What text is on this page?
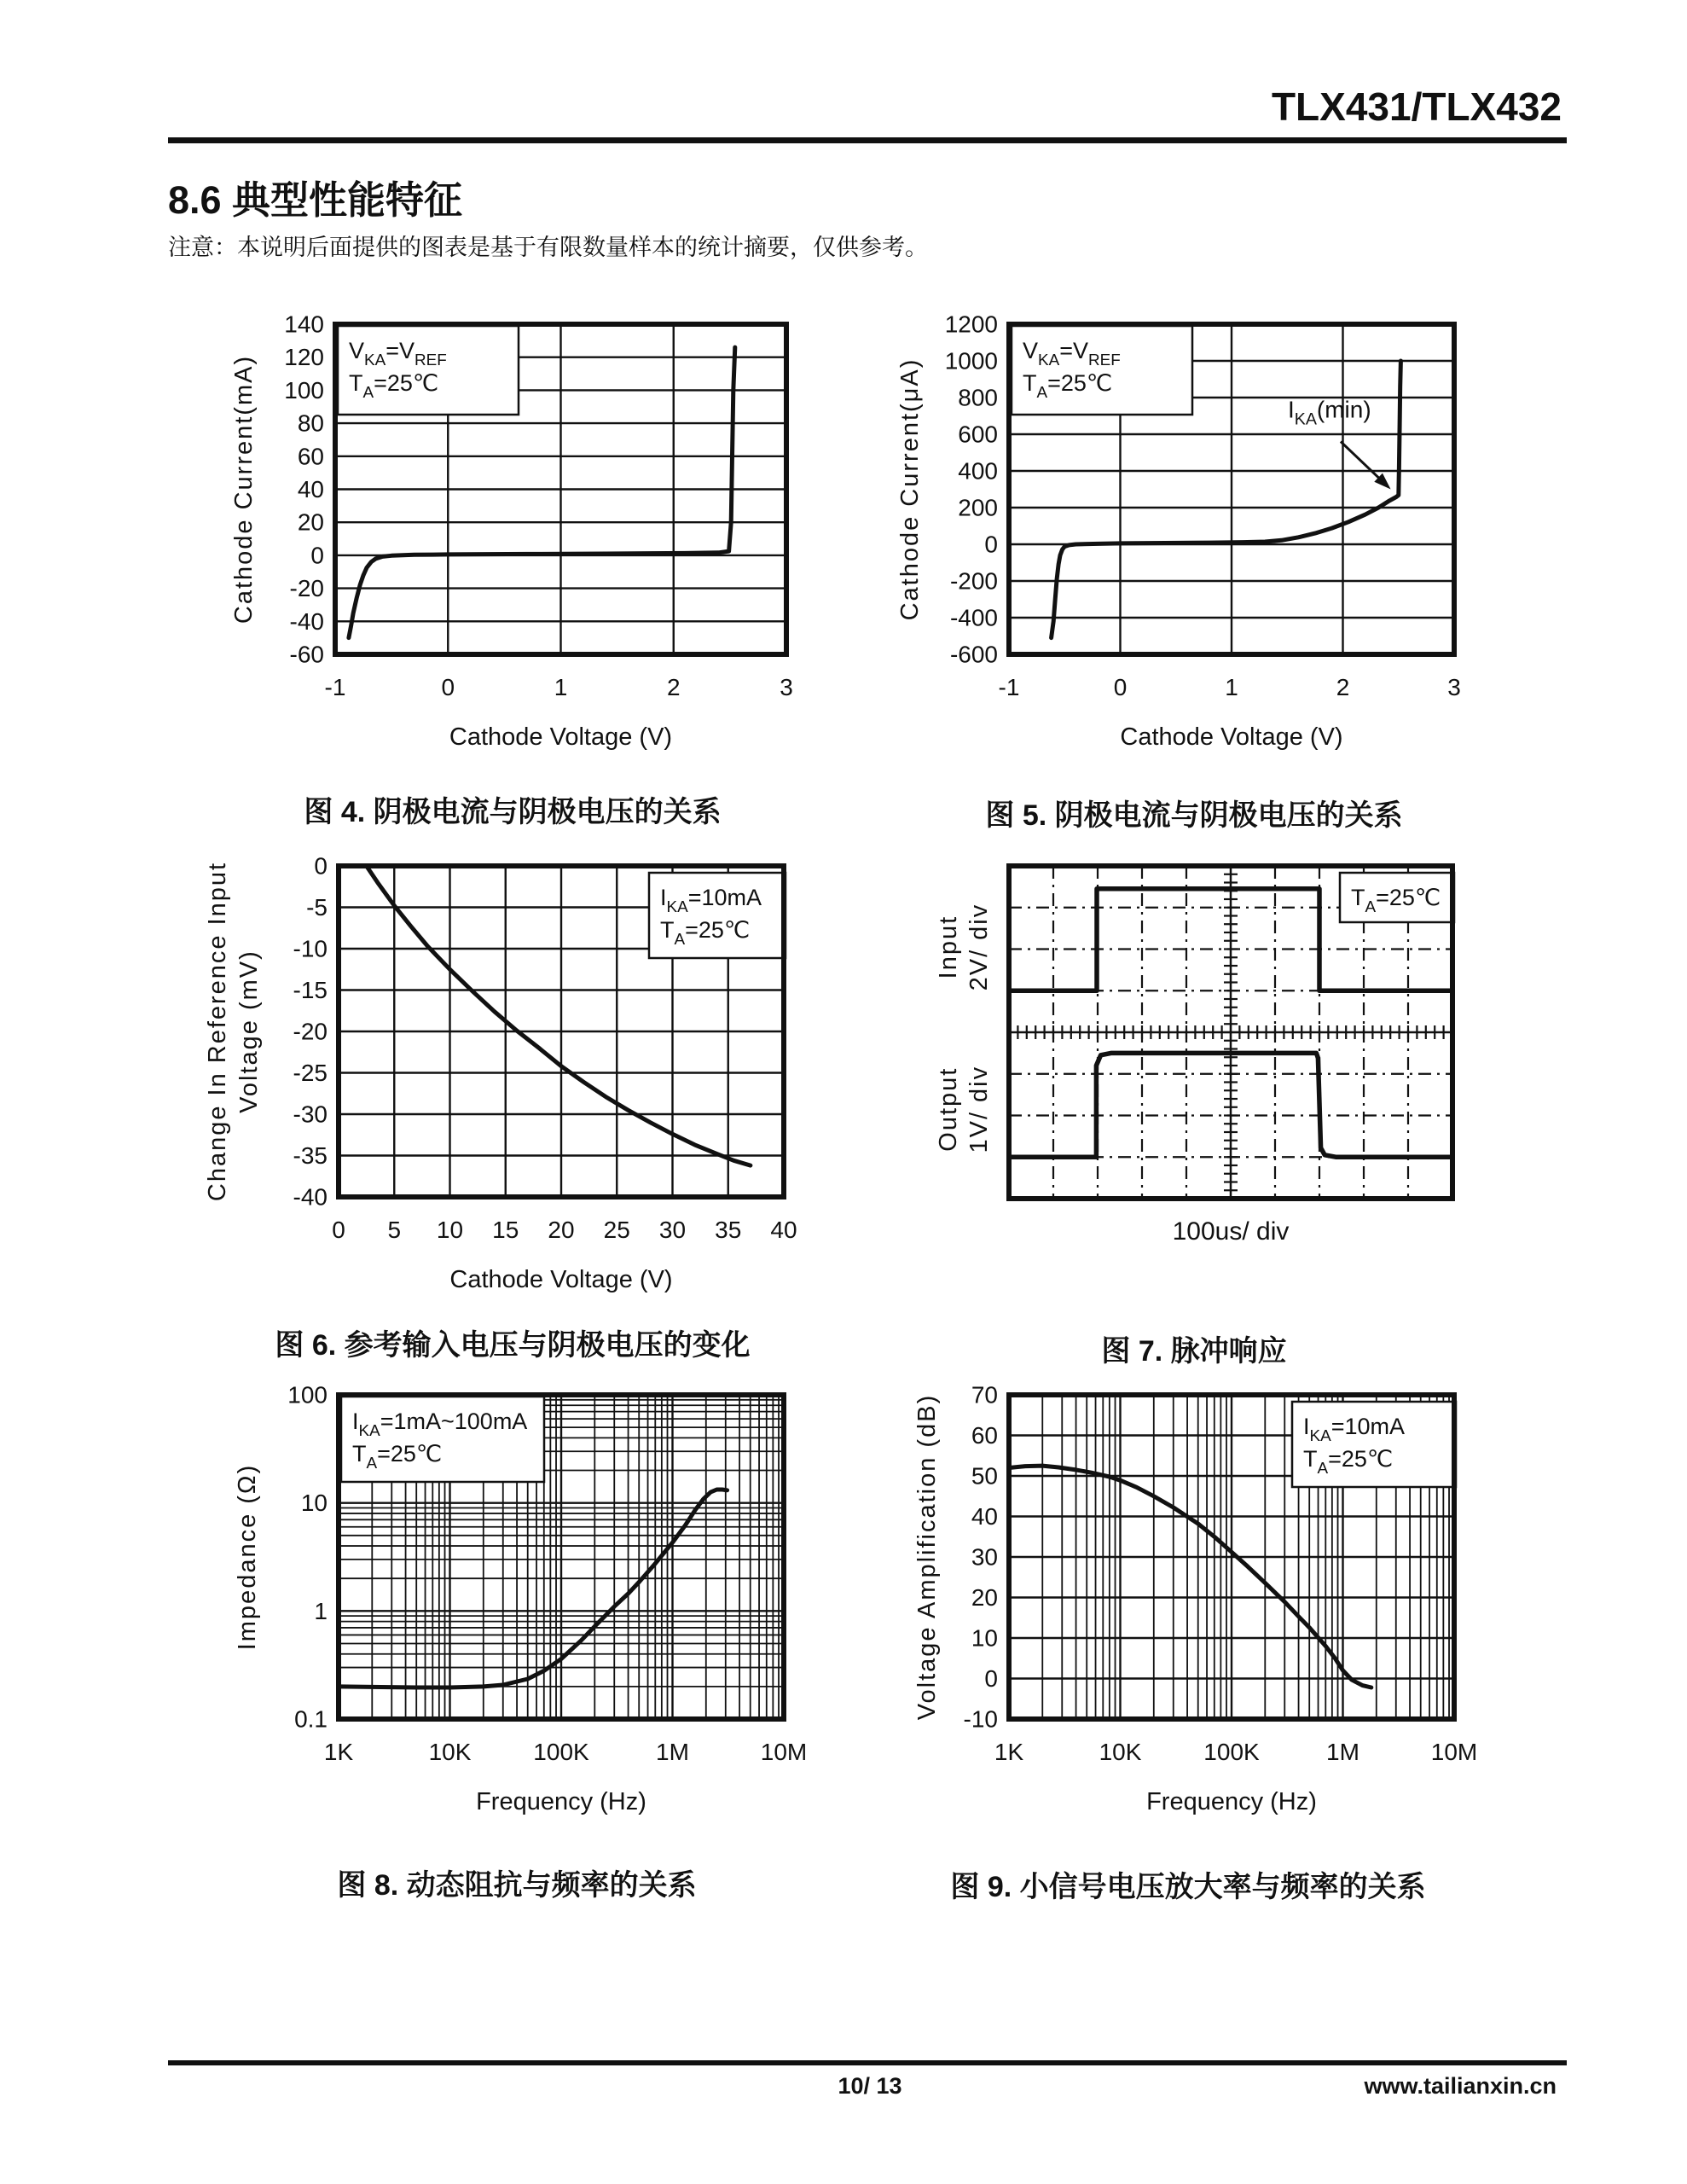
TLX431/TLX432
8.6 典型性能特征
注意：本说明后面提供的图表是基于有限数量样本的统计摘要，仅供参考。
$V_{KA}=V_{REF}$
$T_A=25℃$
-1	0	1	2	3
140
120
100
80
60
40
20
0
-20
-40
-60
Cathode Voltage (V)
Cathode Current(mA)
$V_{KA}=V_{REF}$
$T_A=25℃$
$I_{KA}(\min)$
-1	0	1	2	3
1200
1000
800
600
400
200
0
-200
-400
-600
Cathode Voltage (V)
Cathode Current(μA)
$I_{KA}=10mA$
$T_A=25℃$
0 5 10 15 20 25 30 35 40
0
-5
-10
-15
-20
-25
-30
-35
-40
Cathode Voltage (V)
Change In Reference Input Voltage (mV)
$T_A=25℃$
Input 2V/ div
Output 1V/ div
100us/ div
$I_{KA}=1mA\sim 100mA$
$T_A=25℃$
1K	10K	100K	1M	10M
100
10
1
0.1
Frequency (Hz)
Impedance (Ω)
$I_{KA}=10mA$
$T_A=25℃$
1K	10K	100K	1M	10M
70
60
50
40
30
20
10
0
-10
Frequency (Hz)
Voltage Amplification (dB)
图 4. 阴极电流与阴极电压的关系	图 5. 阴极电流与阴极电压的关系
图 6. 参考输入电压与阴极电压的变化	图 7. 脉冲响应
图 8. 动态阻抗与频率的关系	图 9. 小信号电压放大率与频率的关系
10/ 13	www.tailianxin.cn
